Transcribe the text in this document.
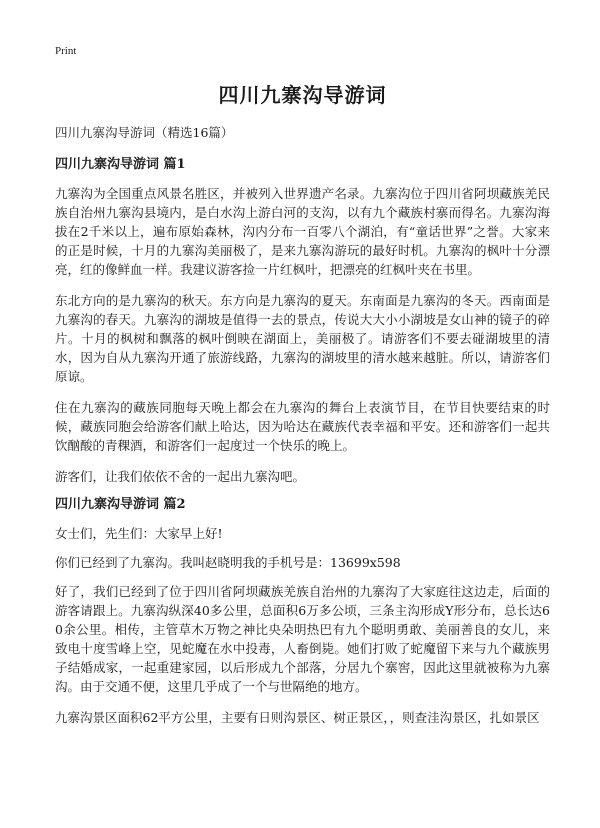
Print
四川九寨沟导游词
四川九寨沟导游词（精选16篇）
四川九寨沟导游词 篇1

九寨沟为全国重点风景名胜区，并被列入世界遗产名录。九寨沟位于四川省阿坝藏族羌民族自治州九寨沟县境内，是白水沟上游白河的支沟，以有九个藏族村寨而得名。九寨沟海拔在2千米以上，遍布原始森林，沟内分布一百零八个湖泊，有“童话世界”之誉。大家来的正是时候，十月的九寨沟美丽极了，是来九寨沟游玩的最好时机。九寨沟的枫叶十分漂亮，红的像鲜血一样。我建议游客捡一片红枫叶，把漂亮的红枫叶夹在书里。

东北方向的是九寨沟的秋天。东方向是九寨沟的夏天。东南面是九寨沟的冬天。西南面是九寨沟的春天。九寨沟的湖坡是值得一去的景点，传说大大小小湖坡是女山神的镜子的碎片。十月的枫树和飘落的枫叶倒映在湖面上，美丽极了。请游客们不要去碰湖坡里的清水，因为自从九寨沟开通了旅游线路，九寨沟的湖坡里的清水越来越脏。所以，请游客们原谅。

住在九寨沟的藏族同胞每天晚上都会在九寨沟的舞台上表演节目，在节目快要结束的时候，藏族同胞会给游客们献上哈达，因为哈达在藏族代表幸福和平安。还和游客们一起共饮酗酸的青稞酒，和游客们一起度过一个快乐的晚上。

游客们，让我们依依不舍的一起出九寨沟吧。

四川九寨沟导游词 篇2

女士们，先生们：大家早上好!

你们已经到了九寨沟。我叫赵晓明我的手机号是：13699x598

好了，我们已经到了位于四川省阿坝藏族羌族自治州的九寨沟了大家庭往这边走，后面的游客请跟上。九寨沟纵深40多公里，总面积6万多公顷，三条主沟形成Y形分布，总长达60余公里。相传，主管草木万物之神比央朵明热巴有九个聪明勇敢、美丽善良的女儿，来致电十度雪峰上空，见蛇魔在水中投毒，人畜倒毙。她们打败了蛇魔留下来与九个藏族男子结婚成家，一起重建家园，以后形成九个部落，分居九个寨窖，因此这里就被称为九寨沟。由于交通不便，这里几乎成了一个与世隔绝的地方。

九寨沟景区面积62平方公里，主要有日则沟景区、树正景区，，则查洼沟景区，扎如景区
